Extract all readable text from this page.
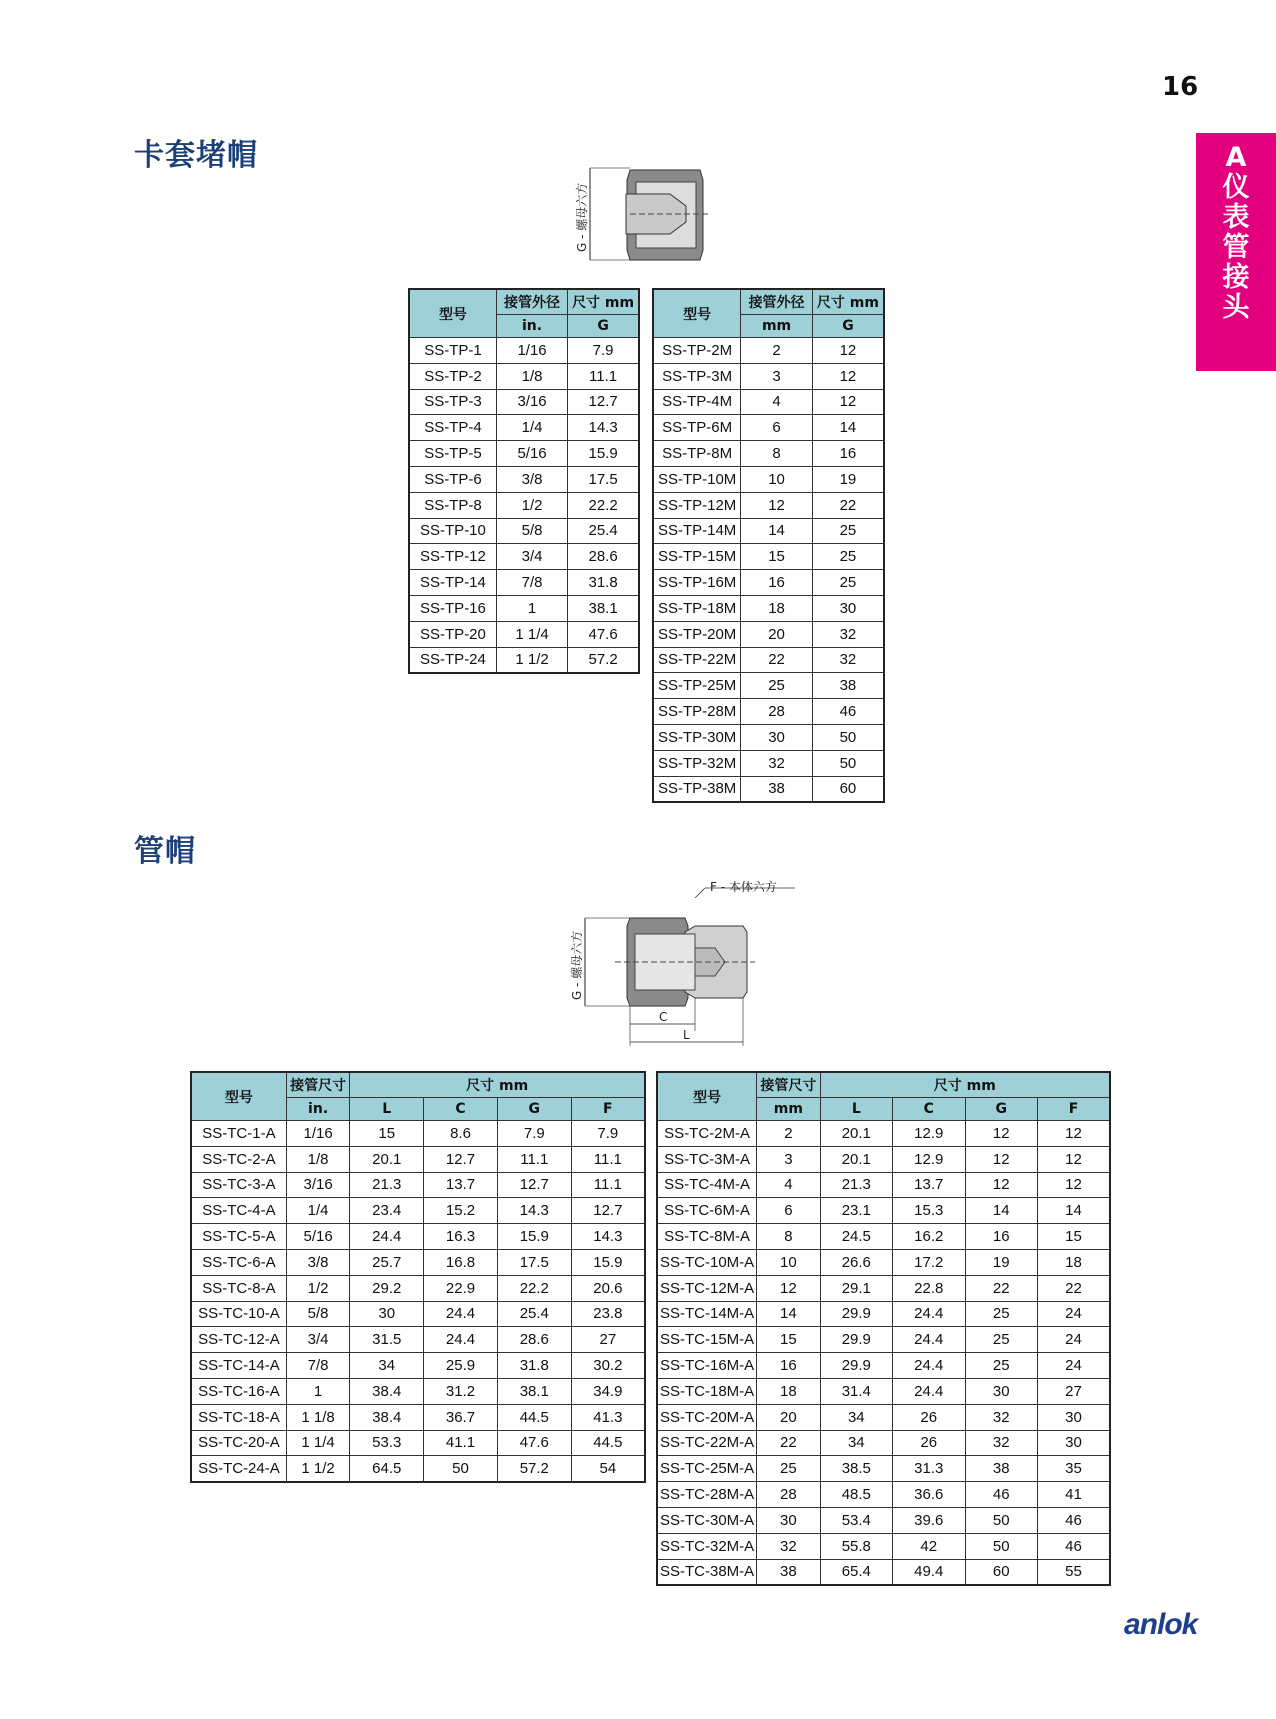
16
A
仪
表
管
接
头
卡套堵帽
G - 螺母六方
型号	接管外径	尺寸 mm
	in.	G
SS-TP-1	1/16	7.9
SS-TP-2	1/8	11.1
SS-TP-3	3/16	12.7
SS-TP-4	1/4	14.3
SS-TP-5	5/16	15.9
SS-TP-6	3/8	17.5
SS-TP-8	1/2	22.2
SS-TP-10	5/8	25.4
SS-TP-12	3/4	28.6
SS-TP-14	7/8	31.8
SS-TP-16	1	38.1
SS-TP-20	1 1/4	47.6
SS-TP-24	1 1/2	57.2
型号	接管外径	尺寸 mm
	mm	G
SS-TP-2M	2	12
SS-TP-3M	3	12
SS-TP-4M	4	12
SS-TP-6M	6	14
SS-TP-8M	8	16
SS-TP-10M	10	19
SS-TP-12M	12	22
SS-TP-14M	14	25
SS-TP-15M	15	25
SS-TP-16M	16	25
SS-TP-18M	18	30
SS-TP-20M	20	32
SS-TP-22M	22	32
SS-TP-25M	25	38
SS-TP-28M	28	46
SS-TP-30M	30	50
SS-TP-32M	32	50
SS-TP-38M	38	60
管帽
F - 本体六方
G - 螺母六方
C
L
型号	接管尺寸	尺寸 mm			
	in.	L	C	G	F
SS-TC-1-A	1/16	15	8.6	7.9	7.9
SS-TC-2-A	1/8	20.1	12.7	11.1	11.1
SS-TC-3-A	3/16	21.3	13.7	12.7	11.1
SS-TC-4-A	1/4	23.4	15.2	14.3	12.7
SS-TC-5-A	5/16	24.4	16.3	15.9	14.3
SS-TC-6-A	3/8	25.7	16.8	17.5	15.9
SS-TC-8-A	1/2	29.2	22.9	22.2	20.6
SS-TC-10-A	5/8	30	24.4	25.4	23.8
SS-TC-12-A	3/4	31.5	24.4	28.6	27
SS-TC-14-A	7/8	34	25.9	31.8	30.2
SS-TC-16-A	1	38.4	31.2	38.1	34.9
SS-TC-18-A	1 1/8	38.4	36.7	44.5	41.3
SS-TC-20-A	1 1/4	53.3	41.1	47.6	44.5
SS-TC-24-A	1 1/2	64.5	50	57.2	54
型号	接管尺寸	尺寸 mm			
	mm	L	C	G	F
SS-TC-2M-A	2	20.1	12.9	12	12
SS-TC-3M-A	3	20.1	12.9	12	12
SS-TC-4M-A	4	21.3	13.7	12	12
SS-TC-6M-A	6	23.1	15.3	14	14
SS-TC-8M-A	8	24.5	16.2	16	15
SS-TC-10M-A	10	26.6	17.2	19	18
SS-TC-12M-A	12	29.1	22.8	22	22
SS-TC-14M-A	14	29.9	24.4	25	24
SS-TC-15M-A	15	29.9	24.4	25	24
SS-TC-16M-A	16	29.9	24.4	25	24
SS-TC-18M-A	18	31.4	24.4	30	27
SS-TC-20M-A	20	34	26	32	30
SS-TC-22M-A	22	34	26	32	30
SS-TC-25M-A	25	38.5	31.3	38	35
SS-TC-28M-A	28	48.5	36.6	46	41
SS-TC-30M-A	30	53.4	39.6	50	46
SS-TC-32M-A	32	55.8	42	50	46
SS-TC-38M-A	38	65.4	49.4	60	55
anlok
